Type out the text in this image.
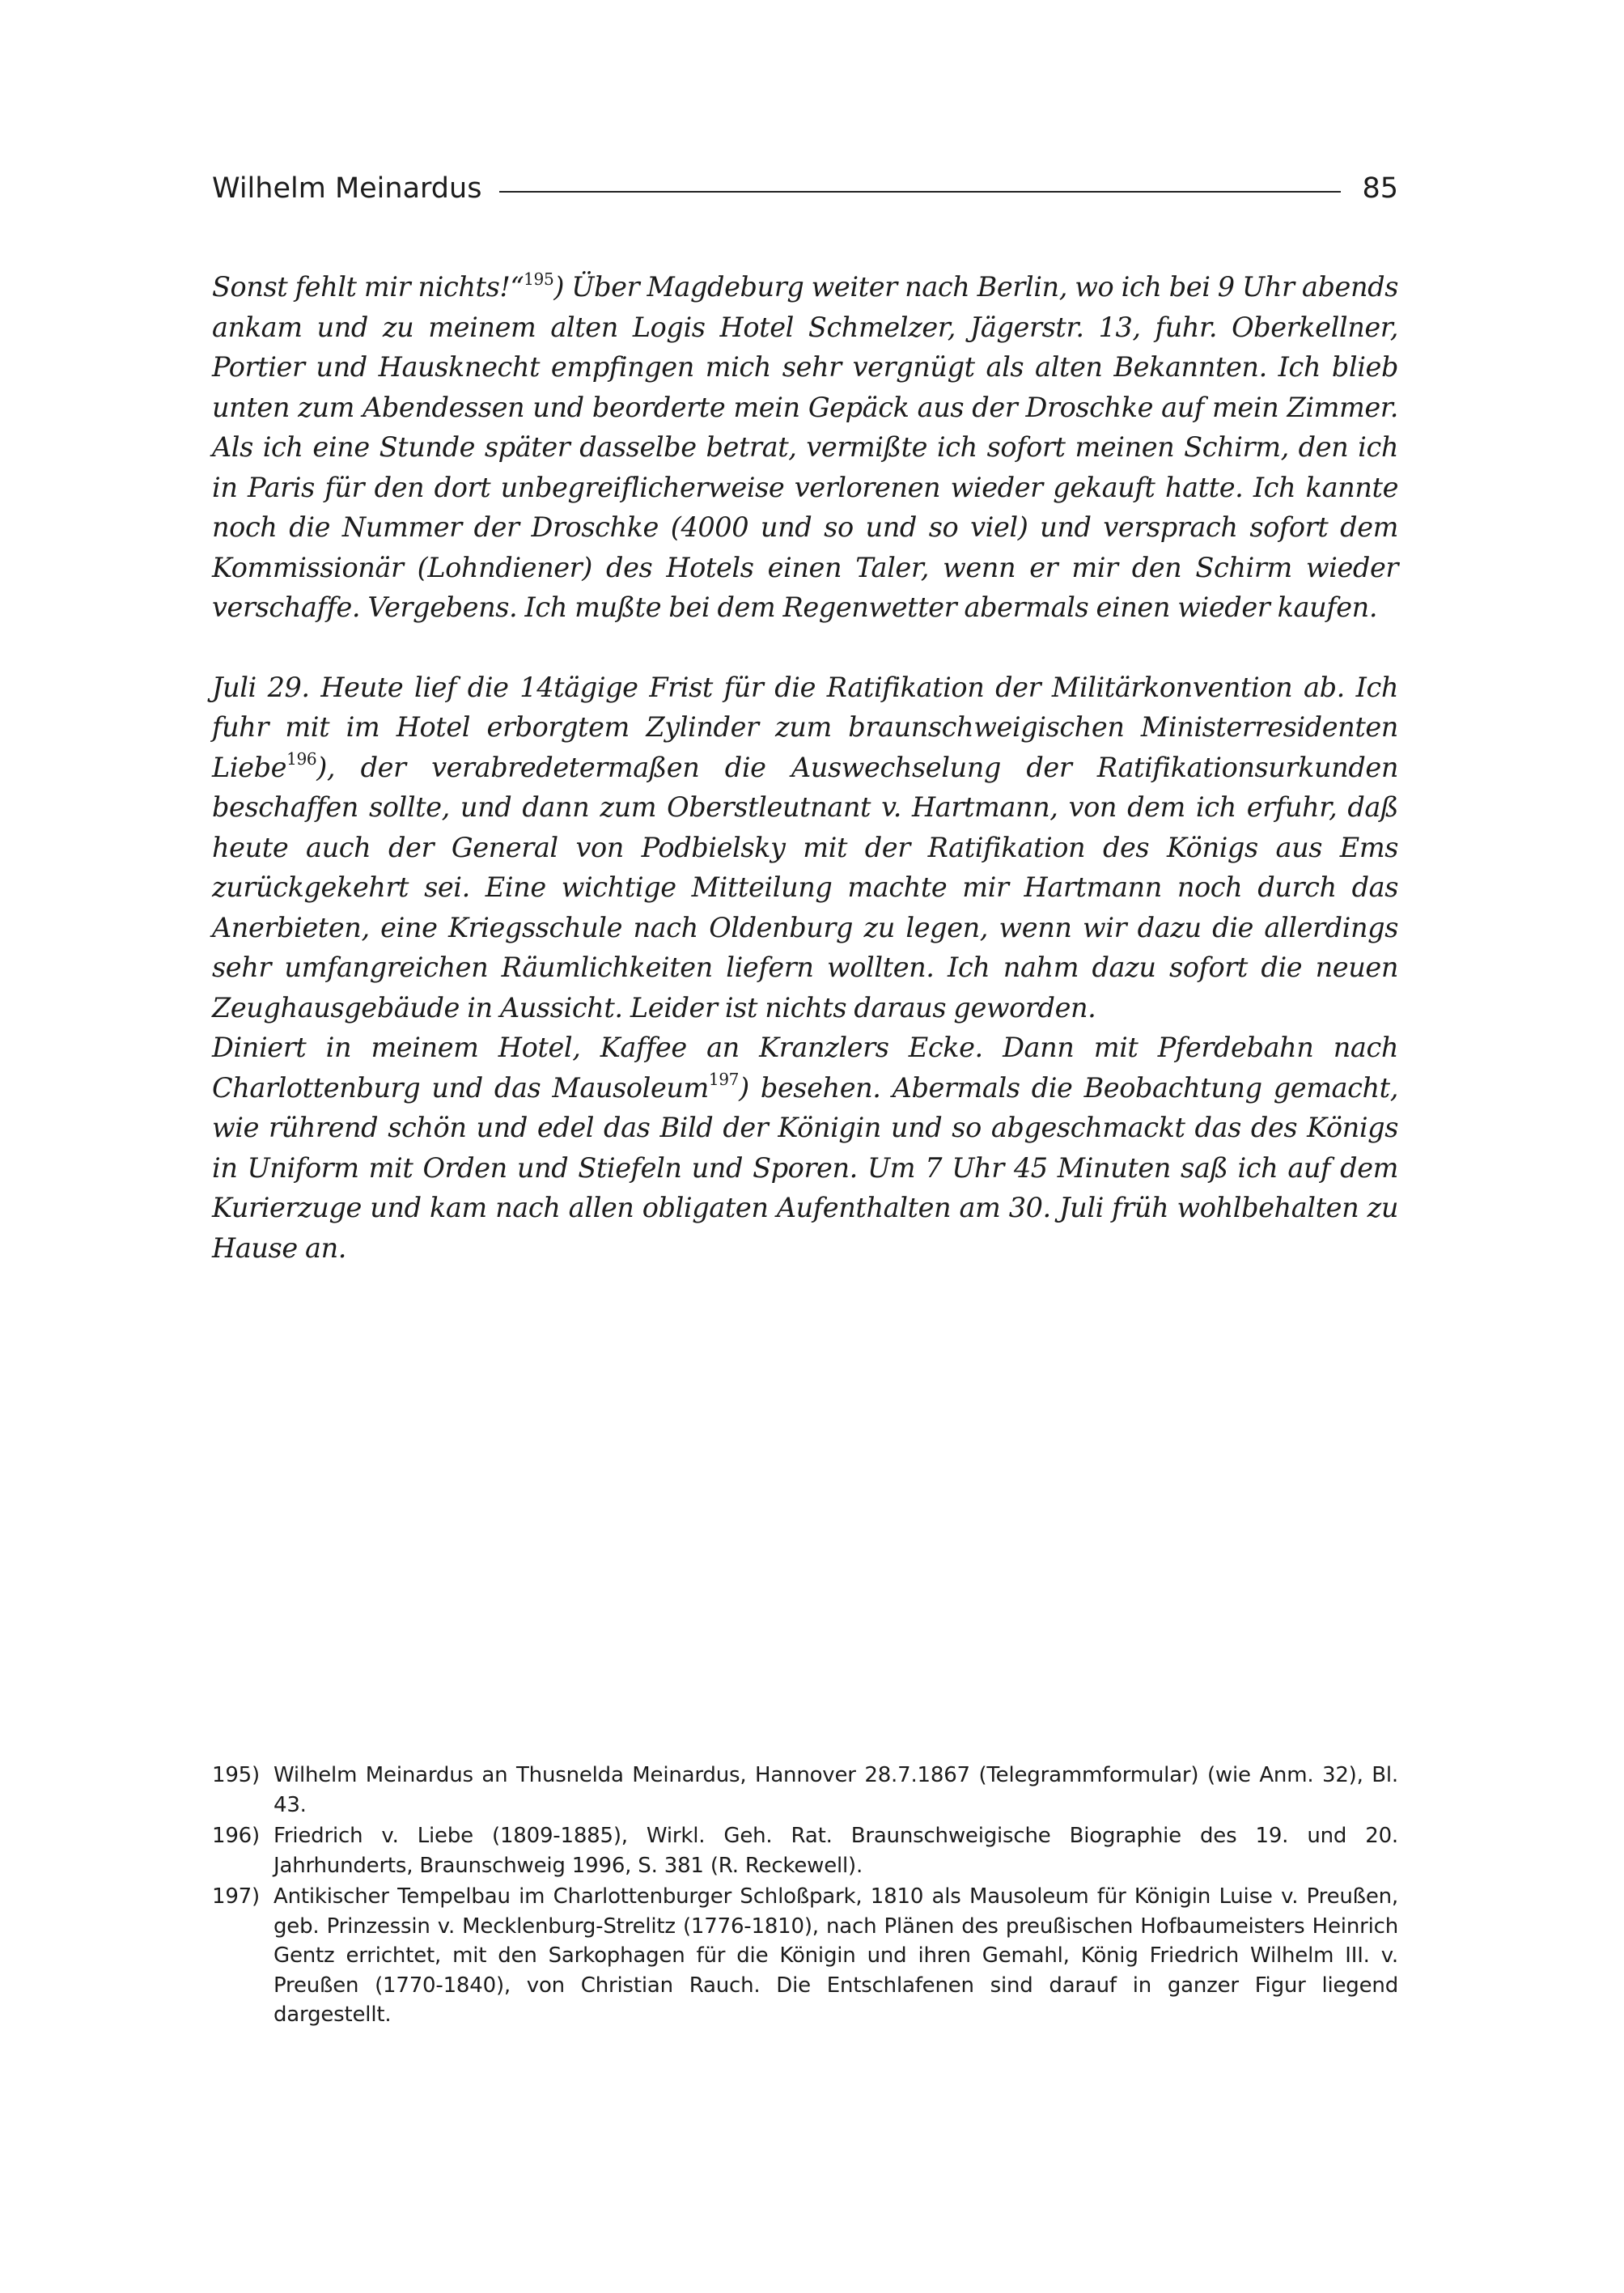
Wilhelm Meinardus	85

Sonst fehlt mir nichts!“$^{195}$) Über Magdeburg weiter nach Berlin, wo ich bei 9 Uhr abends ankam und zu meinem alten Logis Hotel Schmelzer, Jägerstr. 13, fuhr. Oberkellner, Portier und Hausknecht empfingen mich sehr vergnügt als alten Bekannten. Ich blieb unten zum Abendessen und beorderte mein Gepäck aus der Droschke auf mein Zimmer. Als ich eine Stunde später dasselbe betrat, vermißte ich sofort meinen Schirm, den ich in Paris für den dort unbegreiflicherweise verlorenen wieder gekauft hatte. Ich kannte noch die Nummer der Droschke (4000 und so und so viel) und versprach sofort dem Kommissionär (Lohndiener) des Hotels einen Taler, wenn er mir den Schirm wieder verschaffe. Vergebens. Ich mußte bei dem Regenwetter abermals einen wieder kaufen.

Juli 29. Heute lief die 14tägige Frist für die Ratifikation der Militärkonvention ab. Ich fuhr mit im Hotel erborgtem Zylinder zum braunschweigischen Ministerresidenten Liebe$^{196}$), der verabredetermaßen die Auswechselung der Ratifikationsurkunden beschaffen sollte, und dann zum Oberstleutnant v. Hartmann, von dem ich erfuhr, daß heute auch der General von Podbielsky mit der Ratifikation des Königs aus Ems zurückgekehrt sei. Eine wichtige Mitteilung machte mir Hartmann noch durch das Anerbieten, eine Kriegsschule nach Oldenburg zu legen, wenn wir dazu die allerdings sehr umfangreichen Räumlichkeiten liefern wollten. Ich nahm dazu sofort die neuen Zeughausgebäude in Aussicht. Leider ist nichts daraus geworden.

Diniert in meinem Hotel, Kaffee an Kranzlers Ecke. Dann mit Pferdebahn nach Charlottenburg und das Mausoleum$^{197}$) besehen. Abermals die Beobachtung gemacht, wie rührend schön und edel das Bild der Königin und so abgeschmackt das des Königs in Uniform mit Orden und Stiefeln und Sporen. Um 7 Uhr 45 Minuten saß ich auf dem Kurierzuge und kam nach allen obligaten Aufenthalten am 30. Juli früh wohlbehalten zu Hause an.

195) Wilhelm Meinardus an Thusnelda Meinardus, Hannover 28.7.1867 (Telegrammformular) (wie Anm. 32), Bl. 43.
196) Friedrich v. Liebe (1809-1885), Wirkl. Geh. Rat. Braunschweigische Biographie des 19. und 20. Jahrhunderts, Braunschweig 1996, S. 381 (R. Reckewell).
197) Antikischer Tempelbau im Charlottenburger Schloßpark, 1810 als Mausoleum für Königin Luise v. Preußen, geb. Prinzessin v. Mecklenburg-Strelitz (1776-1810), nach Plänen des preußischen Hofbaumeisters Heinrich Gentz errichtet, mit den Sarkophagen für die Königin und ihren Gemahl, König Friedrich Wilhelm III. v. Preußen (1770-1840), von Christian Rauch. Die Entschlafenen sind darauf in ganzer Figur liegend dargestellt.
